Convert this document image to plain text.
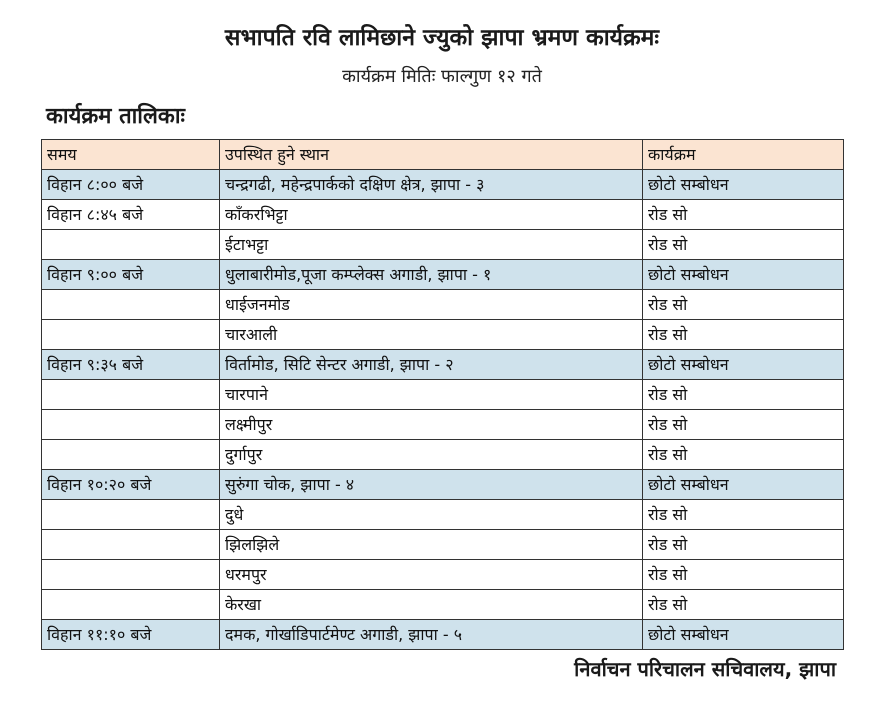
सभापति रवि लामिछाने ज्युको झापा भ्रमण कार्यक्रमः
कार्यक्रम मितिः फाल्गुण १२ गते
कार्यक्रम तालिकाः
समय	उपस्थित हुने स्थान	कार्यक्रम
विहान ८:०० बजे	चन्द्रगढी, महेन्द्रपार्कको दक्षिण क्षेत्र, झापा - ३	छोटो सम्बोधन
विहान ८:४५ बजे	काँकरभिट्टा	रोड सो
	ईटाभट्टा	रोड सो
विहान ९:०० बजे	धुलाबारीमोड,पूजा कम्प्लेक्स अगाडी, झापा - १	छोटो सम्बोधन
	धाईजनमोड	रोड सो
	चारआली	रोड सो
विहान ९:३५ बजे	विर्तामोड, सिटि सेन्टर अगाडी, झापा - २	छोटो सम्बोधन
	चारपाने	रोड सो
	लक्ष्मीपुर	रोड सो
	दुर्गापुर	रोड सो
विहान १०:२० बजे	सुरुंगा चोक, झापा - ४	छोटो सम्बोधन
	दुधे	रोड सो
	झिलझिले	रोड सो
	धरमपुर	रोड सो
	केरखा	रोड सो
विहान ११:१० बजे	दमक, गोर्खाडिपार्टमेण्ट अगाडी, झापा - ५	छोटो सम्बोधन
निर्वाचन परिचालन सचिवालय, झापा
